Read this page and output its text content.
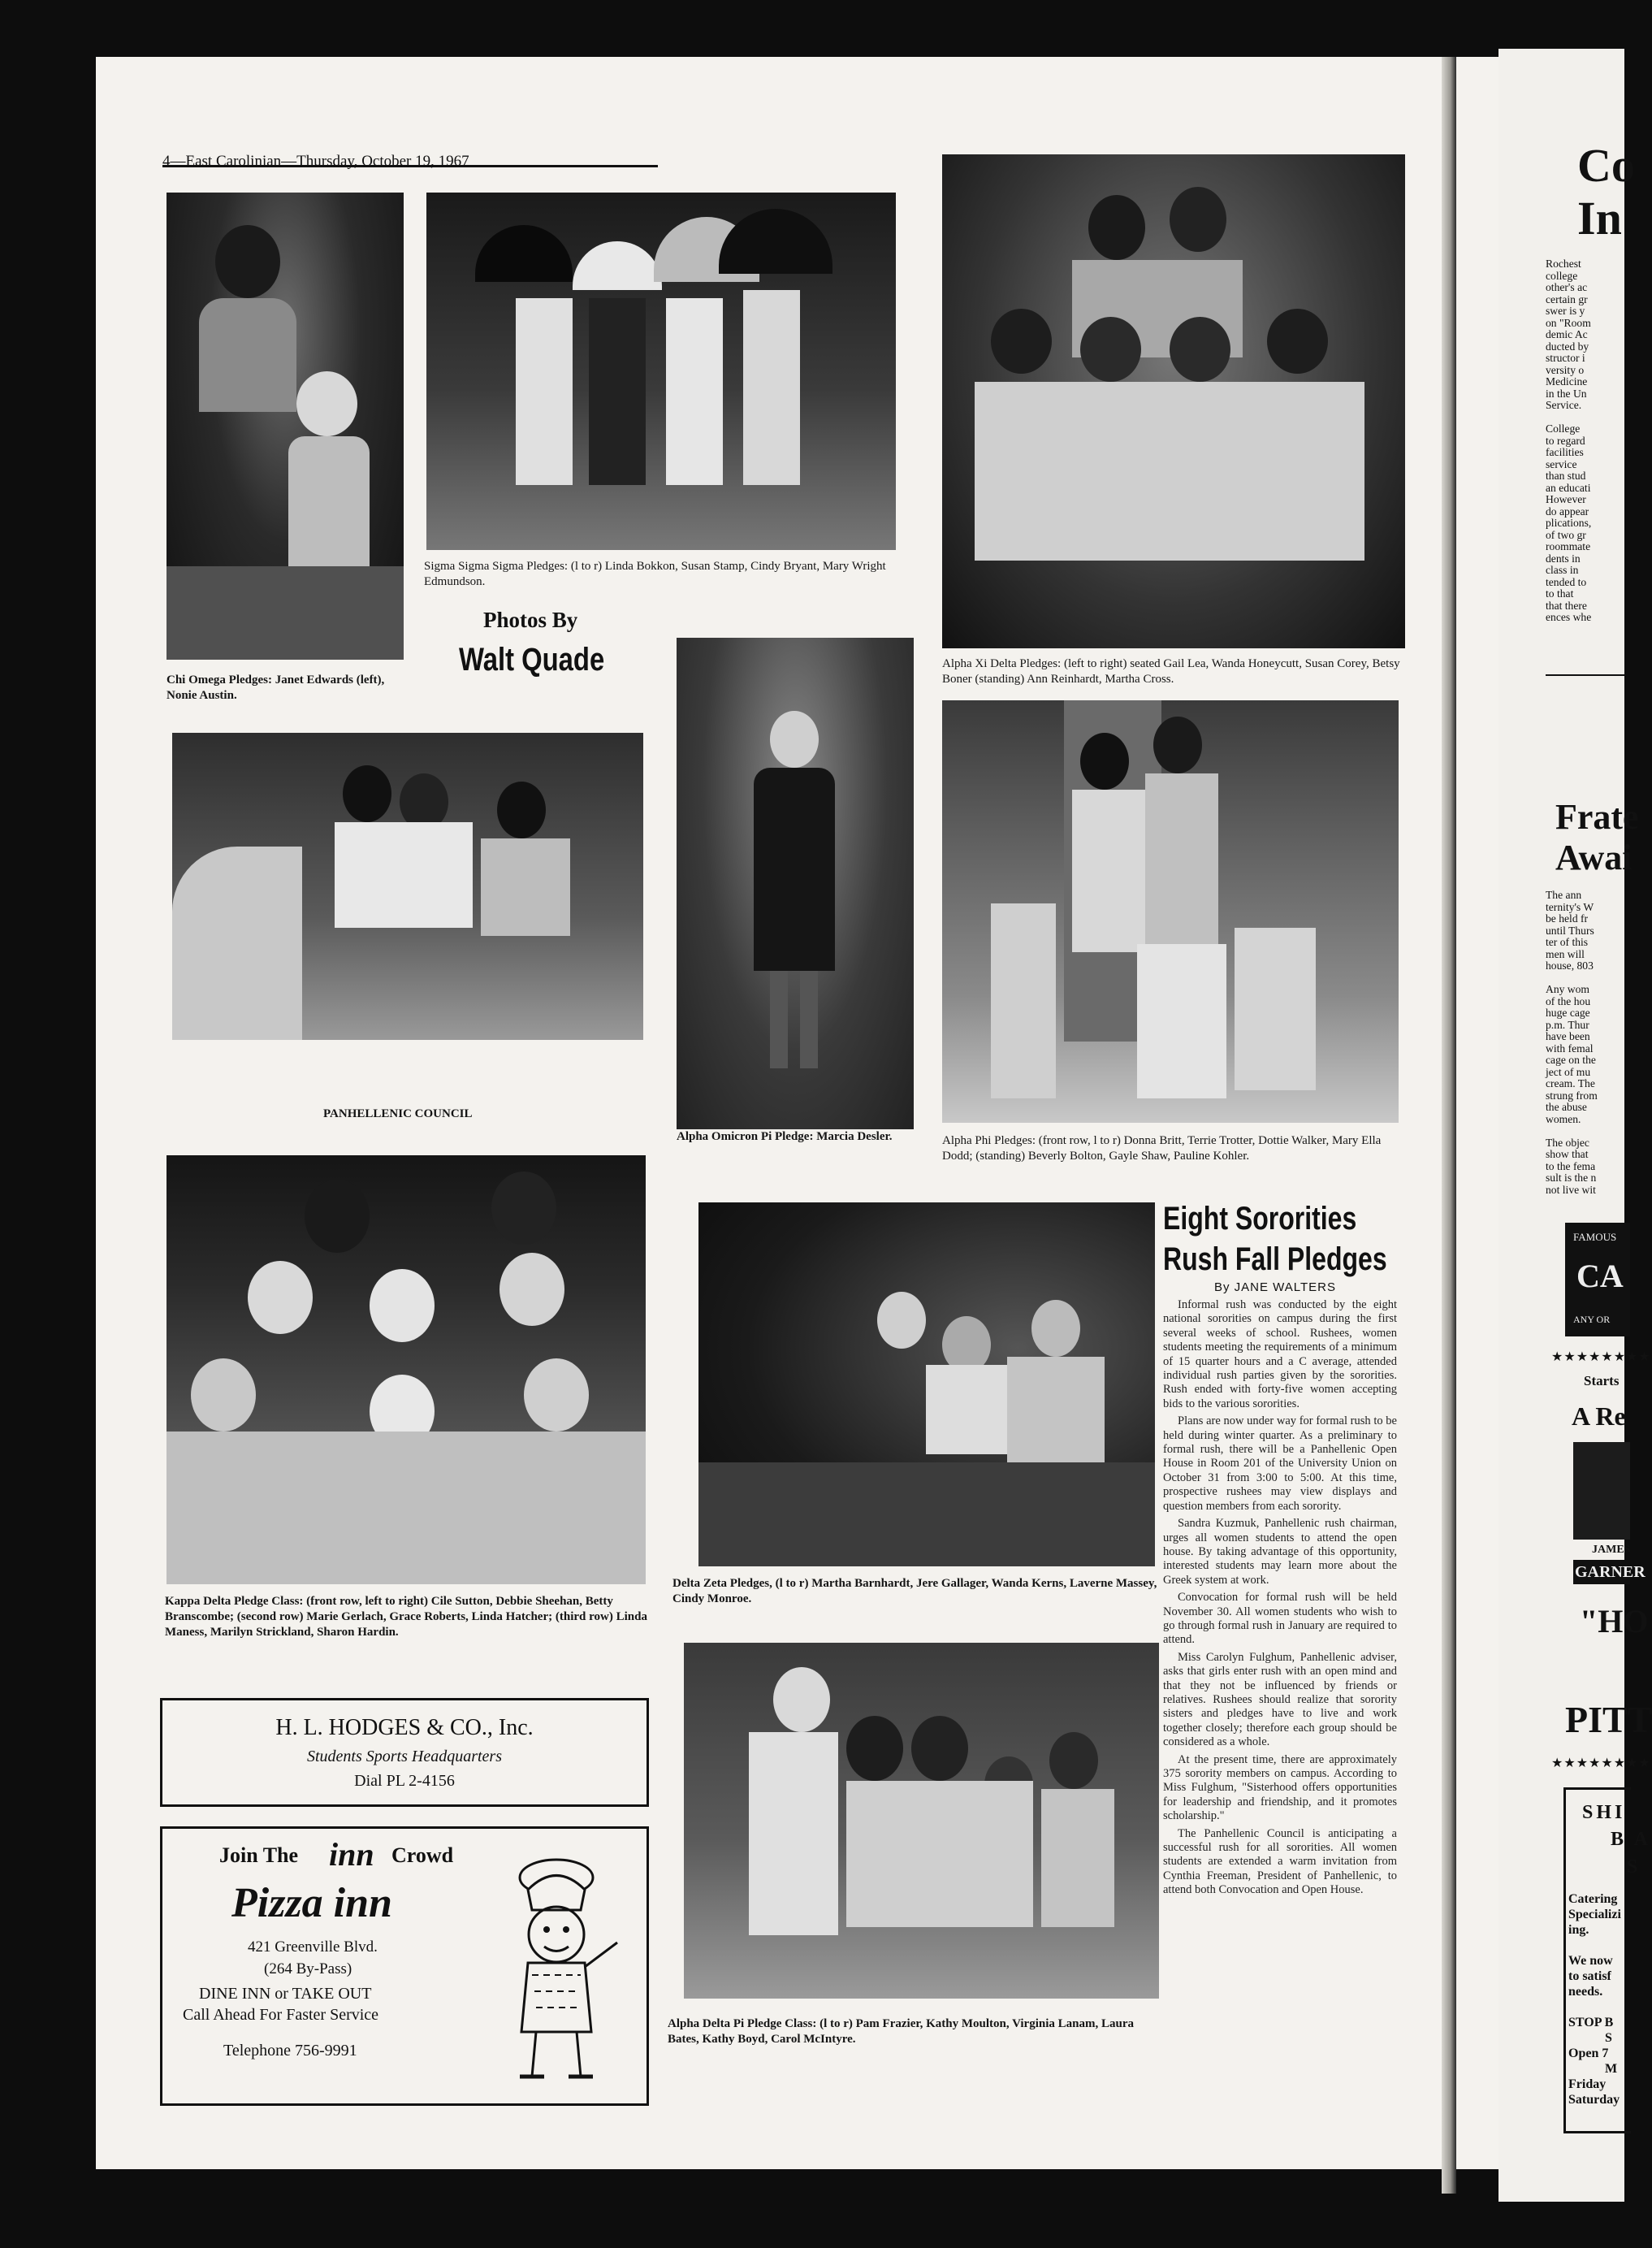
4—East Carolinian—Thursday, October 19, 1967
Chi Omega Pledges: Janet Edwards (left), Nonie Austin.
Sigma Sigma Sigma Pledges: (l to r) Linda Bokkon, Susan Stamp, Cindy Bryant, Mary Wright Edmundson.
Alpha Xi Delta Pledges: (left to right) seated Gail Lea, Wanda Honeycutt, Susan Corey, Betsy Boner (standing) Ann Reinhardt, Martha Cross.
Photos By
Walt Quade
PANHELLENIC COUNCIL
Alpha Omicron Pi Pledge: Marcia Desler.	Alpha Phi Pledges: (front row, l to r) Donna Britt, Terrie Trotter, Dottie Walker, Mary Ella Dodd; (standing) Beverly Bolton, Gayle Shaw, Pauline Kohler.
Kappa Delta Pledge Class: (front row, left to right) Cile Sutton, Debbie Sheehan, Betty Branscombe; (second row) Marie Gerlach, Grace Roberts, Linda Hatcher; (third row) Linda Maness, Marilyn Strickland, Sharon Hardin.
Delta Zeta Pledges, (l to r) Martha Barnhardt, Jere Gallager, Wanda Kerns, Laverne Massey, Cindy Monroe.
Alpha Delta Pi Pledge Class: (l to r) Pam Frazier, Kathy Moulton, Virginia Lanam, Laura Bates, Kathy Boyd, Carol McIntyre.
Eight Sororities
Rush Fall Pledges
By JANE WALTERS

Informal rush was conducted by the eight national sororities on campus during the first several weeks of school. Rushees, women students meeting the requirements of a minimum of 15 quarter hours and a C average, attended individual rush parties given by the sororities. Rush ended with forty-five women accepting bids to the various sororities.

Plans are now under way for formal rush to be held during winter quarter. As a preliminary to formal rush, there will be a Panhellenic Open House in Room 201 of the University Union on October 31 from 3:00 to 5:00. At this time, prospective rushees may view displays and question members from each sorority.

Sandra Kuzmuk, Panhellenic rush chairman, urges all women students to attend the open house. By taking advantage of this opportunity, interested students may learn more about the Greek system at work.

Convocation for formal rush will be held November 30. All women students who wish to go through formal rush in January are required to attend.

Miss Carolyn Fulghum, Panhellenic adviser, asks that girls enter rush with an open mind and that they not be influenced by friends or relatives. Rushees should realize that sorority sisters and pledges have to live and work together closely; therefore each group should be considered as a whole.

At the present time, there are approximately 375 sorority members on campus. According to Miss Fulghum, "Sisterhood offers opportunities for leadership and friendship, and it promotes scholarship."

The Panhellenic Council is anticipating a successful rush for all sororities. All women students are extended a warm invitation from Cynthia Freeman, President of Panhellenic, to attend both Convocation and Open House.

H. L. HODGES & CO., Inc.
Students Sports Headquarters
Dial PL 2-4156
Join The inn Crowd
Pizza inn
421 Greenville Blvd.
(264 By-Pass)
DINE INN or TAKE OUT
Call Ahead For Faster Service
Telephone 756-9991
Co
In
Rochest
college
other's ac
certain gr
swer is y
on "Room
demic Ac
ducted by
structor i
versity o
Medicine
in the Un
Service.
College
to regard
facilities
service
than stud
an educati
However
do appear
plications,
of two gr
roommate
dents in
class in
tended to
to that
that there
ences whe
Frate
Awai
The ann
ternity's W
be held fr
until Thurs
ter of this
men will
house, 803
Any wom
of the hou
huge cage
p.m. Thur
have been
with femal
cage on the
ject of mu
cream. The
strung from
the abuse
women.
The objec
show that
to the fema
sult is the n
not live wit
FAMOUS
CA
ANY OR
★★★★★★★★
Starts
A Re
JAMES
GARNER
"HO
PITT
★★★★★★★★
SHI
B A
S
Catering
Specializi
ing.
We now
to satisf
needs.
STOP B
S
Open 7
M
Friday
Saturday
